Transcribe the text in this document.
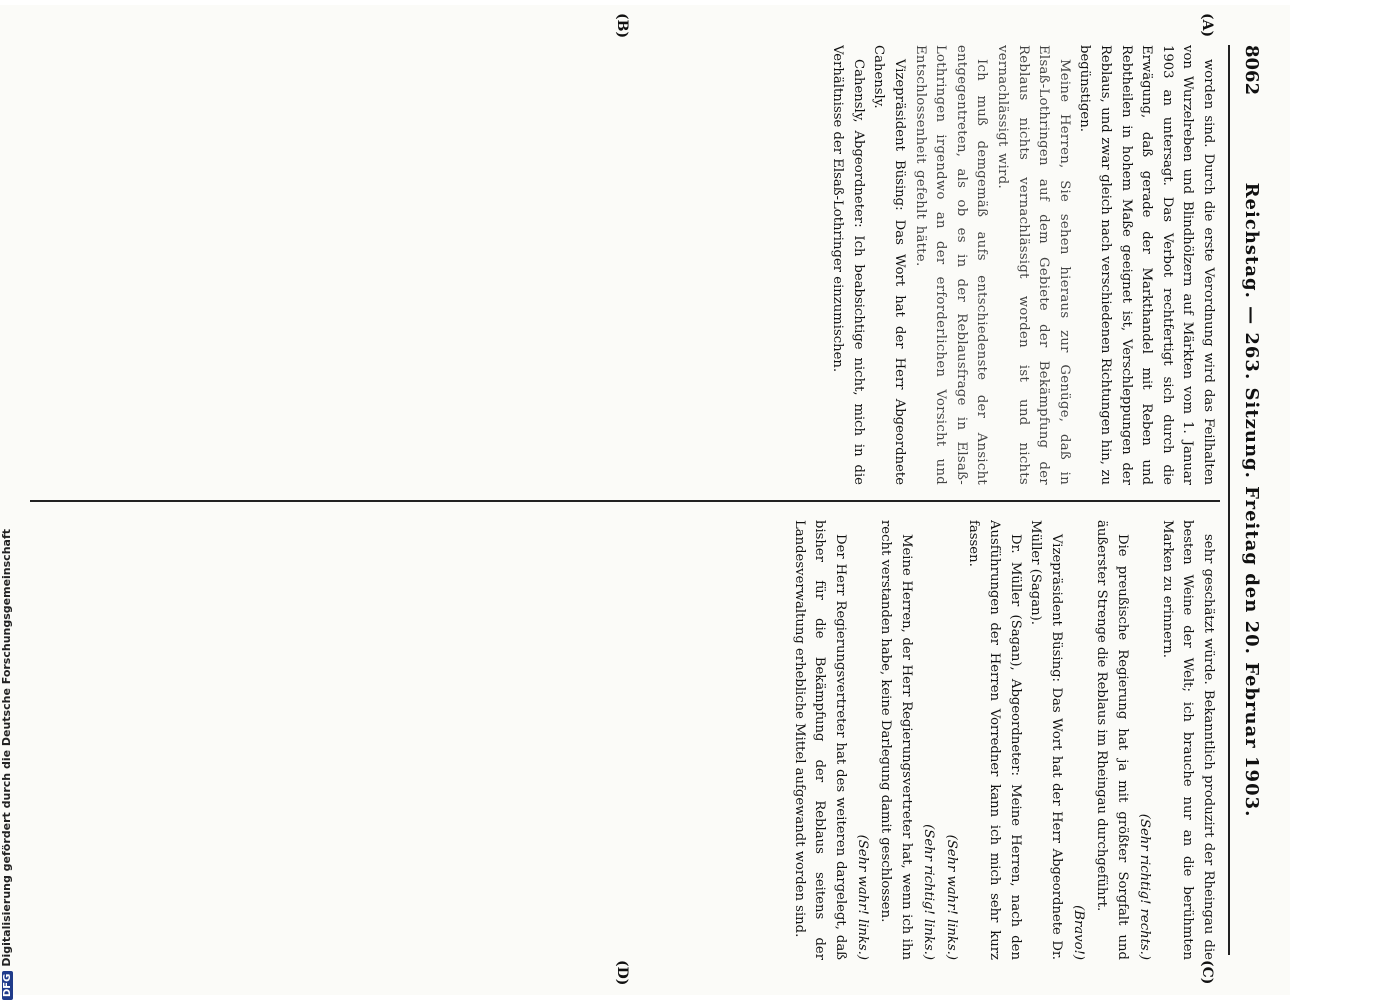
8062
Reichstag. — 263. Sitzung. Freitag den 20. Februar 1903.
(A)
(B)
(C)
(D)

worden sind. Durch die erste Verordnung wird das Feilhalten von Wurzelreben und Blindhölzern auf Märkten vom 1. Januar 1903 an untersagt. Das Verbot rechtfertigt sich durch die Erwägung, daß gerade der Markthandel mit Reben und Rebtheilen in hohem Maße geeignet ist, Verschleppungen der Reblaus, und zwar gleich nach verschiedenen Richtungen hin, zu begünstigen.

Meine Herren, Sie sehen hieraus zur Genüge, daß in Elsaß-Lothringen auf dem Gebiete der Bekämpfung der Reblaus nichts vernachlässigt worden ist und nichts vernachlässigt wird.

Ich muß demgemäß aufs entschiedenste der Ansicht entgegentreten, als ob es in der Reblausfrage in Elsaß-Lothringen irgendwo an der erforderlichen Vorsicht und Entschlossenheit gefehlt hätte.

Vizepräsident Büsing: Das Wort hat der Herr Abgeordnete Cahensly.

Cahensly, Abgeordneter: Ich beabsichtige nicht, mich in die Verhältnisse der Elsaß-Lothringer einzumischen.

sehr geschätzt würde. Bekanntlich produzirt der Rheingau die besten Weine der Welt; ich brauche nur an die berühmten Marken zu erinnern.

(Sehr richtig! rechts.)

Die preußische Regierung hat ja mit größter Sorgfalt und äußerster Strenge die Reblaus im Rheingau durchgeführt.

(Bravo!)

Vizepräsident Büsing: Das Wort hat der Herr Abgeordnete Dr. Müller (Sagan).

Dr. Müller (Sagan), Abgeordneter: Meine Herren, nach den Ausführungen der Herren Vorredner kann ich mich sehr kurz fassen.

(Sehr wahr! links.)

(Sehr richtig! links.)

Meine Herren, der Herr Regierungsvertreter hat, wenn ich ihn recht verstanden habe, keine Darlegung damit geschlossen.

(Sehr wahr! links.)

Der Herr Regierungsvertreter hat des weiteren dargelegt, daß bisher für die Bekämpfung der Reblaus seitens der Landesverwaltung erhebliche Mittel aufgewandt worden sind.

DFGDigitalisierung gefördert durch die Deutsche Forschungsgemeinschaft
